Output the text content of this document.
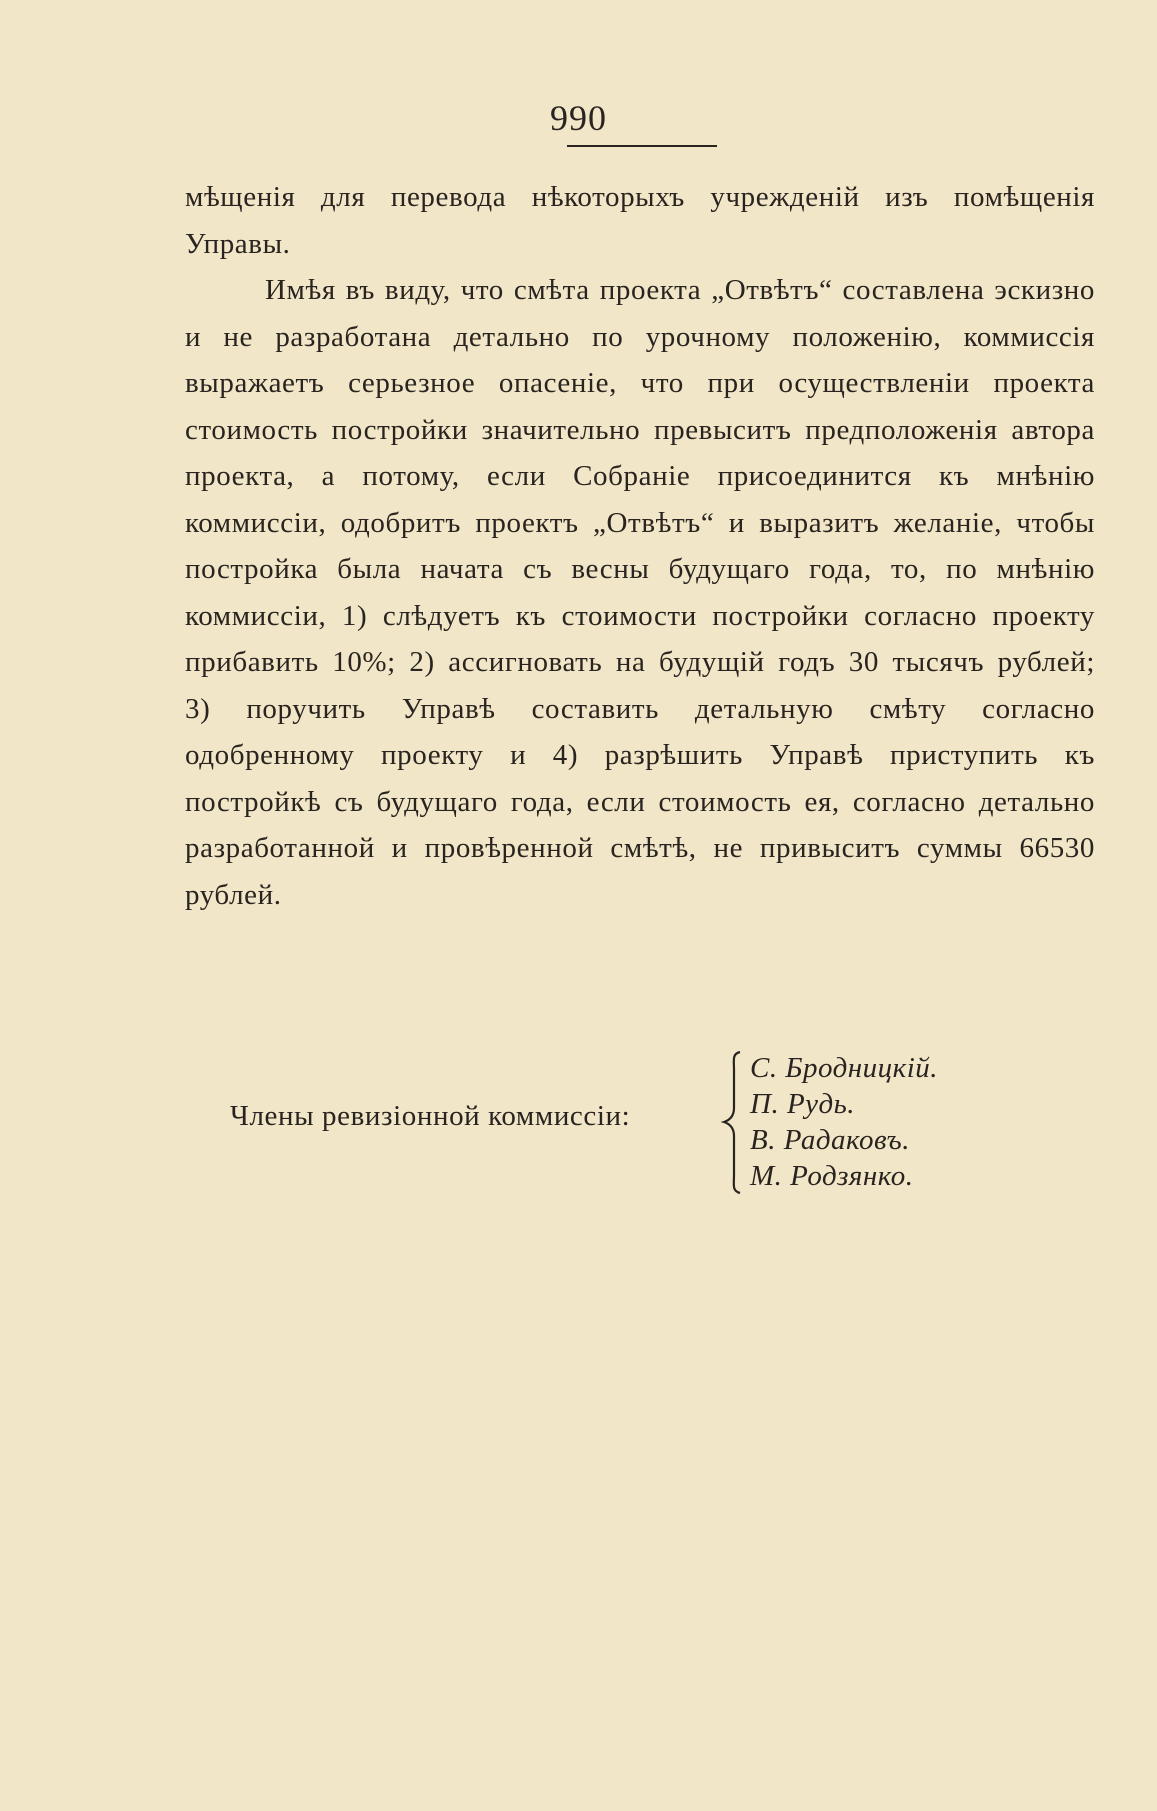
990

мѣщенія для перевода нѣкоторыхъ учрежденій изъ помѣщенія Управы.

Имѣя въ виду, что смѣта проекта „Отвѣтъ“ составлена эскизно и не разработана детально по урочному положенію, коммиссія выражаетъ серьезное опасеніе, что при осуществленіи проекта стоимость постройки значительно превыситъ предположенія автора проекта, а потому, если Собраніе присоединится къ мнѣнію коммиссіи, одобритъ проектъ „Отвѣтъ“ и выразитъ желаніе, чтобы постройка была начата съ весны будущаго года, то, по мнѣнію коммиссіи, 1) слѣдуетъ къ стоимости постройки согласно проекту прибавить 10%; 2) ассигновать на будущій годъ 30 тысячъ рублей; 3) поручить Управѣ составить детальную смѣту согласно одобренному проекту и 4) разрѣшить Управѣ приступить къ постройкѣ съ будущаго года, если стоимость ея, согласно детально разработанной и провѣренной смѣтѣ, не привыситъ суммы 66530 рублей.

Члены ревизіонной коммиссіи:
С. Бродницкій.
П. Рудь.
В. Радаковъ.
М. Родзянко.
